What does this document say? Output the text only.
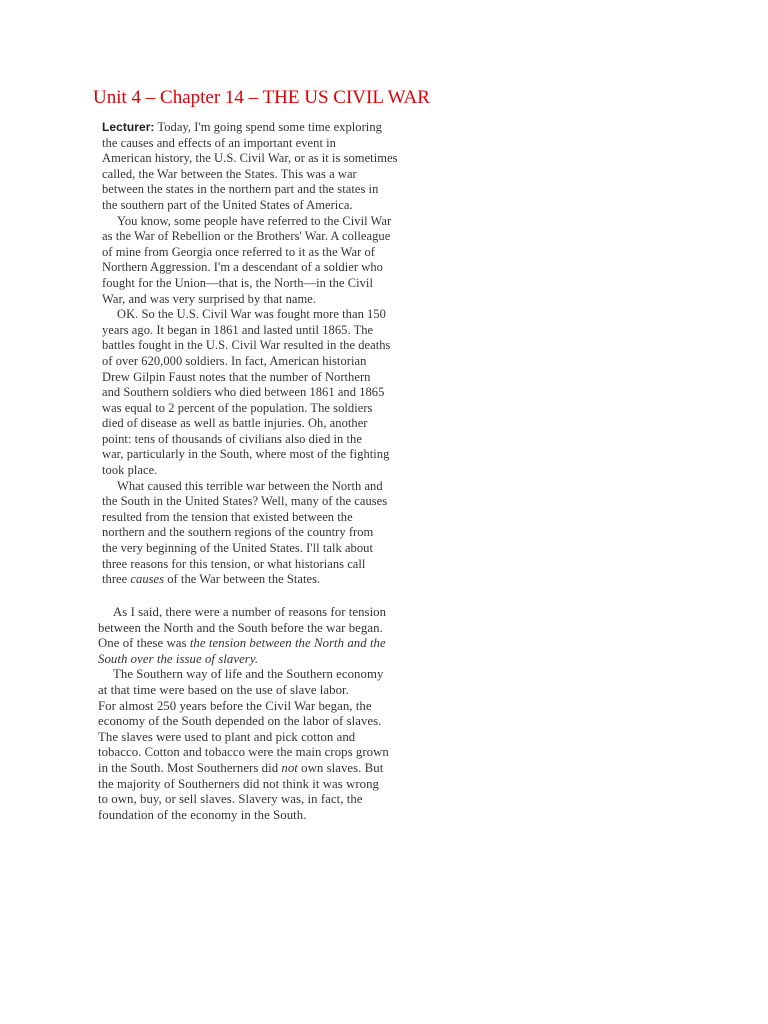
Unit 4 – Chapter 14 – THE US CIVIL WAR

Lecturer: Today, I'm going spend some time exploring
the causes and effects of an important event in
American history, the U.S. Civil War, or as it is sometimes
called, the War between the States. This was a war
between the states in the northern part and the states in
the southern part of the United States of America.

You know, some people have referred to the Civil War
as the War of Rebellion or the Brothers' War. A colleague
of mine from Georgia once referred to it as the War of
Northern Aggression. I'm a descendant of a soldier who
fought for the Union—that is, the North—in the Civil
War, and was very surprised by that name.

OK. So the U.S. Civil War was fought more than 150
years ago. It began in 1861 and lasted until 1865. The
battles fought in the U.S. Civil War resulted in the deaths
of over 620,000 soldiers. In fact, American historian
Drew Gilpin Faust notes that the number of Northern
and Southern soldiers who died between 1861 and 1865
was equal to 2 percent of the population. The soldiers
died of disease as well as battle injuries. Oh, another
point: tens of thousands of civilians also died in the
war, particularly in the South, where most of the fighting
took place.

What caused this terrible war between the North and
the South in the United States? Well, many of the causes
resulted from the tension that existed between the
northern and the southern regions of the country from
the very beginning of the United States. I'll talk about
three reasons for this tension, or what historians call
three causes of the War between the States.

As I said, there were a number of reasons for tension
between the North and the South before the war began.
One of these was the tension between the North and the
South over the issue of slavery.
The Southern way of life and the Southern economy
at that time were based on the use of slave labor.
For almost 250 years before the Civil War began, the
economy of the South depended on the labor of slaves.
The slaves were used to plant and pick cotton and
tobacco. Cotton and tobacco were the main crops grown
in the South. Most Southerners did not own slaves. But
the majority of Southerners did not think it was wrong
to own, buy, or sell slaves. Slavery was, in fact, the
foundation of the economy in the South.
